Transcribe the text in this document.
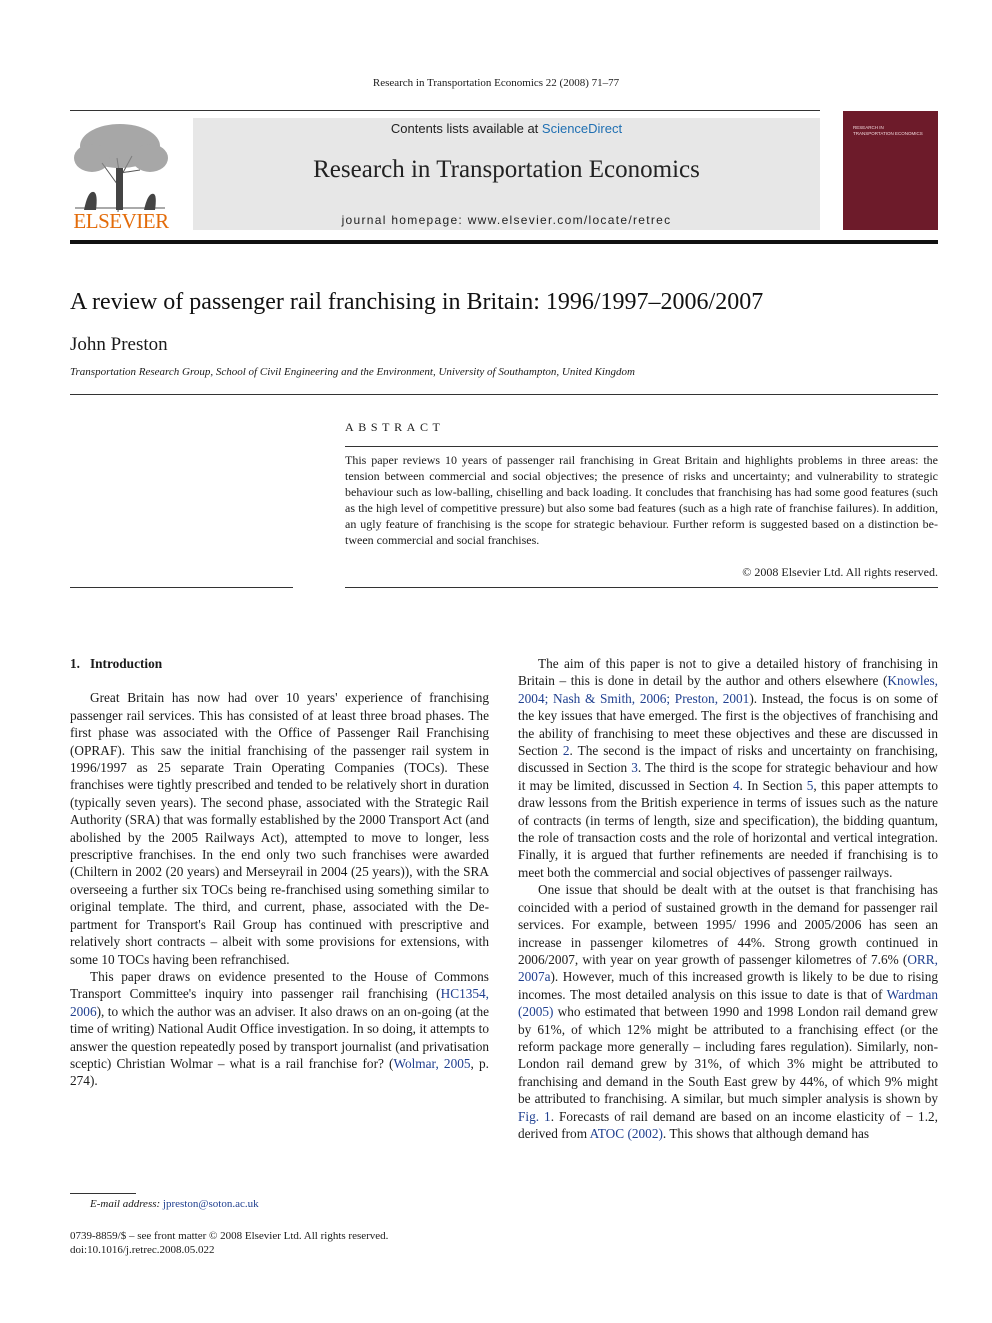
Research in Transportation Economics 22 (2008) 71–77
ELSEVIER
Contents lists available at ScienceDirect
Research in Transportation Economics
journal homepage: www.elsevier.com/locate/retrec
RESEARCH IN
TRANSPORTATION ECONOMICS
A review of passenger rail franchising in Britain: 1996/1997–2006/2007
John Preston
Transportation Research Group, School of Civil Engineering and the Environment, University of Southampton, United Kingdom
ABSTRACT
This paper reviews 10 years of passenger rail franchising in Great Britain and highlights problems in three areas: the tension between commercial and social objectives; the presence of risks and uncertainty; and vulnerability to strategic behaviour such as low-balling, chiselling and back loading. It concludes that franchising has had some good features (such as the high level of competitive pressure) but also some bad features (such as a high rate of franchise failures). In addition, an ugly feature of franchising is the scope for strategic behaviour. Further reform is suggested based on a distinction between commercial and social franchises.
© 2008 Elsevier Ltd. All rights reserved.

1. Introduction

Great Britain has now had over 10 years' experience of franchising passenger rail services. This has consisted of at least three broad phases. The first phase was associated with the Office of Passenger Rail Franchising (OPRAF). This saw the initial franchising of the passenger rail system in 1996/1997 as 25 separate Train Operating Companies (TOCs). These franchises were tightly prescribed and tended to be relatively short in duration (typically seven years). The second phase, associated with the Strategic Rail Authority (SRA) that was formally established by the 2000 Transport Act (and abolished by the 2005 Railways Act), attempted to move to longer, less prescriptive franchises. In the end only two such franchises were awarded (Chiltern in 2002 (20 years) and Merseyrail in 2004 (25 years)), with the SRA overseeing a further six TOCs being re-franchised using something similar to original template. The third, and current, phase, associated with the Department for Transport's Rail Group has continued with prescriptive and relatively short contracts – albeit with some provisions for extensions, with some 10 TOCs having been refranchised.

This paper draws on evidence presented to the House of Commons Transport Committee's inquiry into passenger rail franchising (HC1354, 2006), to which the author was an adviser. It also draws on an on-going (at the time of writing) National Audit Office investigation. In so doing, it attempts to answer the question repeatedly posed by transport journalist (and privatisation sceptic) Christian Wolmar – what is a rail franchise for? (Wolmar, 2005, p. 274).

The aim of this paper is not to give a detailed history of franchising in Britain – this is done in detail by the author and others elsewhere (Knowles, 2004; Nash & Smith, 2006; Preston, 2001). Instead, the focus is on some of the key issues that have emerged. The first is the objectives of franchising and the ability of franchising to meet these objectives and these are discussed in Section 2. The second is the impact of risks and uncertainty on franchising, discussed in Section 3. The third is the scope for strategic behaviour and how it may be limited, discussed in Section 4. In Section 5, this paper attempts to draw lessons from the British experience in terms of issues such as the nature of contracts (in terms of length, size and specification), the bidding quantum, the role of transaction costs and the role of horizontal and vertical integration. Finally, it is argued that further refinements are needed if franchising is to meet both the commercial and social objectives of passenger railways.

One issue that should be dealt with at the outset is that franchising has coincided with a period of sustained growth in the demand for passenger rail services. For example, between 1995/ 1996 and 2005/2006 has seen an increase in passenger kilometres of 44%. Strong growth continued in 2006/2007, with year on year growth of passenger kilometres of 7.6% (ORR, 2007a). However, much of this increased growth is likely to be due to rising incomes. The most detailed analysis on this issue to date is that of Wardman (2005) who estimated that between 1990 and 1998 London rail demand grew by 61%, of which 12% might be attributed to a franchising effect (or the reform package more generally – including fares regulation). Similarly, non-London rail demand grew by 31%, of which 3% might be attributed to franchising and demand in the South East grew by 44%, of which 9% might be attributed to franchising. A similar, but much simpler analysis is shown by Fig. 1. Forecasts of rail demand are based on an income elasticity of − 1.2, derived from ATOC (2002). This shows that although demand has

E-mail address: jpreston@soton.ac.uk
0739-8859/$ – see front matter © 2008 Elsevier Ltd. All rights reserved.
doi:10.1016/j.retrec.2008.05.022
